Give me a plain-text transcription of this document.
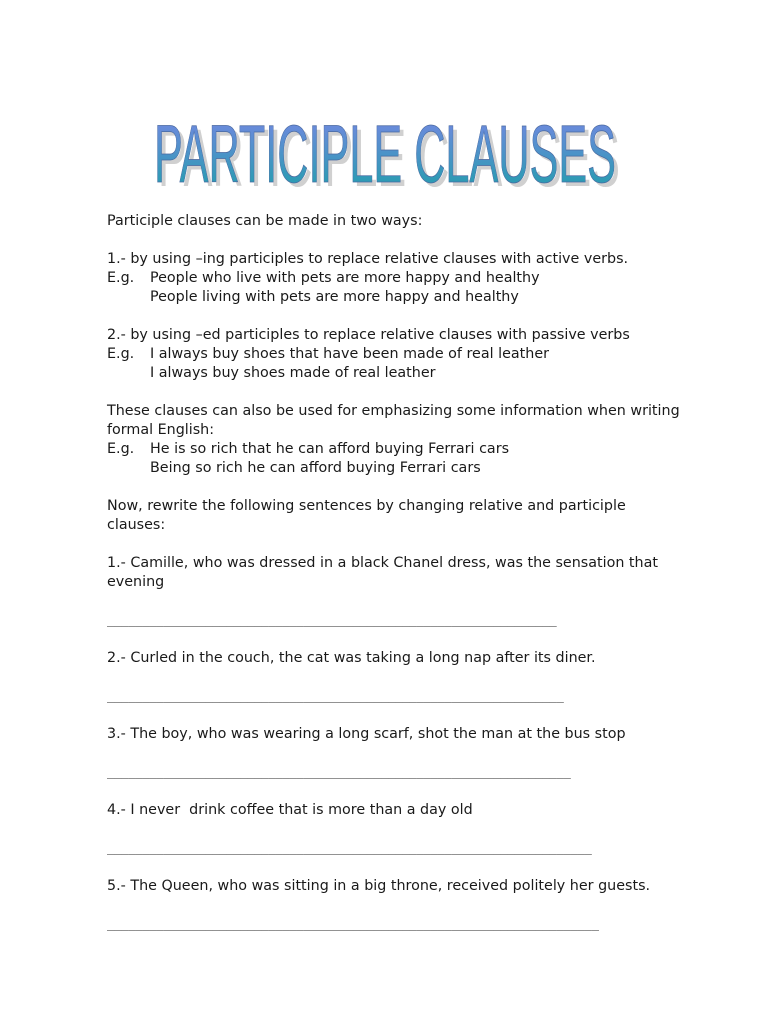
PARTICIPLE CLAUSES
PARTICIPLE CLAUSES
Participle clauses can be made in two ways:
1.- by using –ing participles to replace relative clauses with active verbs.
E.g.	People who live with pets are more happy and healthy
People living with pets are more happy and healthy
2.- by using –ed participles to replace relative clauses with passive verbs
E.g.	I always buy shoes that have been made of real leather
I always buy shoes made of real leather
These clauses can also be used for emphasizing some information when writing
formal English:
E.g.	He is so rich that he can afford buying Ferrari cars
Being so rich he can afford buying Ferrari cars
Now, rewrite the following sentences by changing relative and participle
clauses:
1.- Camille, who was dressed in a black Chanel dress, was the sensation that
evening
________________________________________________________________
2.- Curled in the couch, the cat was taking a long nap after its diner.
_________________________________________________________________
3.- The boy, who was wearing a long scarf, shot the man at the bus stop
__________________________________________________________________
4.- I never  drink coffee that is more than a day old
_____________________________________________________________________
5.- The Queen, who was sitting in a big throne, received politely her guests.
______________________________________________________________________
